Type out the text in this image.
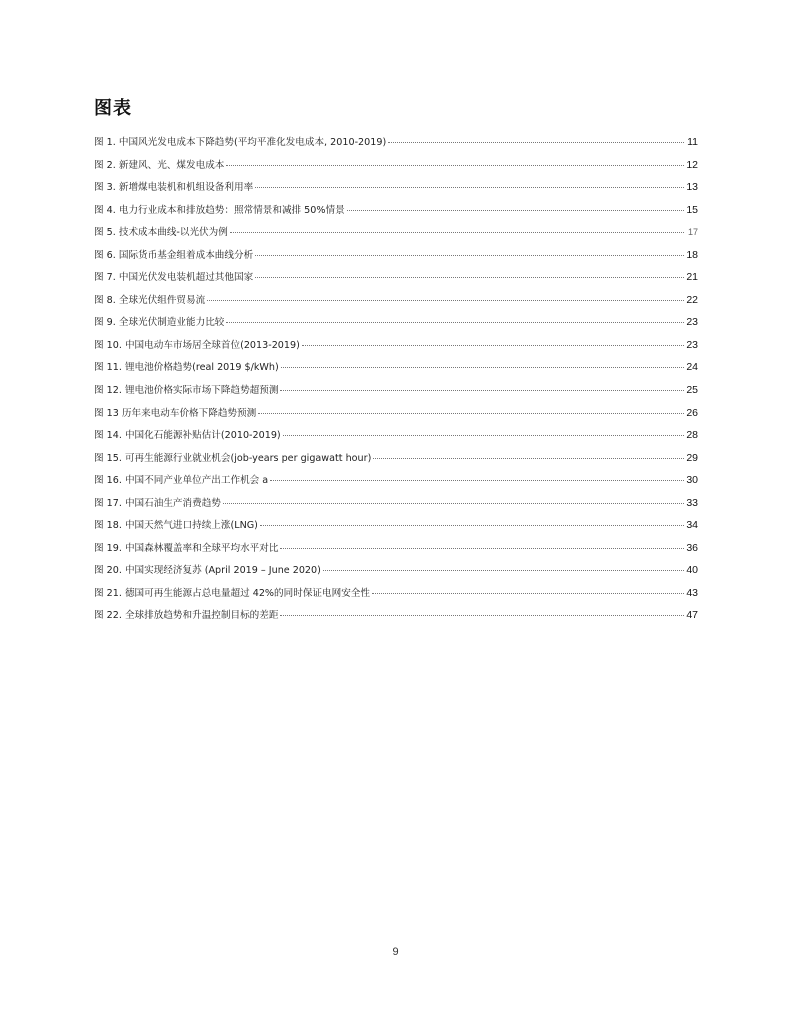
图表
图 1. 中国风光发电成本下降趋势(平均平准化发电成本, 2010-2019)	11
图 2. 新建风、光、煤发电成本	12
图 3. 新增煤电装机和机组设备利用率	13
图 4. 电力行业成本和排放趋势：照常情景和减排 50%情景	15
图 5. 技术成本曲线-以光伏为例	17
图 6. 国际货币基金组着成本曲线分析	18
图 7. 中国光伏发电装机超过其他国家	21
图 8. 全球光伏组件贸易流	22
图 9. 全球光伏制造业能力比较	23
图 10. 中国电动车市场居全球首位(2013-2019)	23
图 11. 锂电池价格趋势(real 2019 $/kWh)	24
图 12. 锂电池价格实际市场下降趋势超预测	25
图 13 历年来电动车价格下降趋势预测	26
图 14. 中国化石能源补贴估计(2010-2019)	28
图 15. 可再生能源行业就业机会(job-years per gigawatt hour)	29
图 16. 中国不同产业单位产出工作机会 a	30
图 17. 中国石油生产消费趋势	33
图 18. 中国天然气进口持续上涨(LNG)	34
图 19. 中国森林覆盖率和全球平均水平对比	36
图 20. 中国实现经济复苏 (April 2019 – June 2020)	40
图 21. 德国可再生能源占总电量超过 42%的同时保证电网安全性	43
图 22. 全球排放趋势和升温控制目标的差距	47
9
